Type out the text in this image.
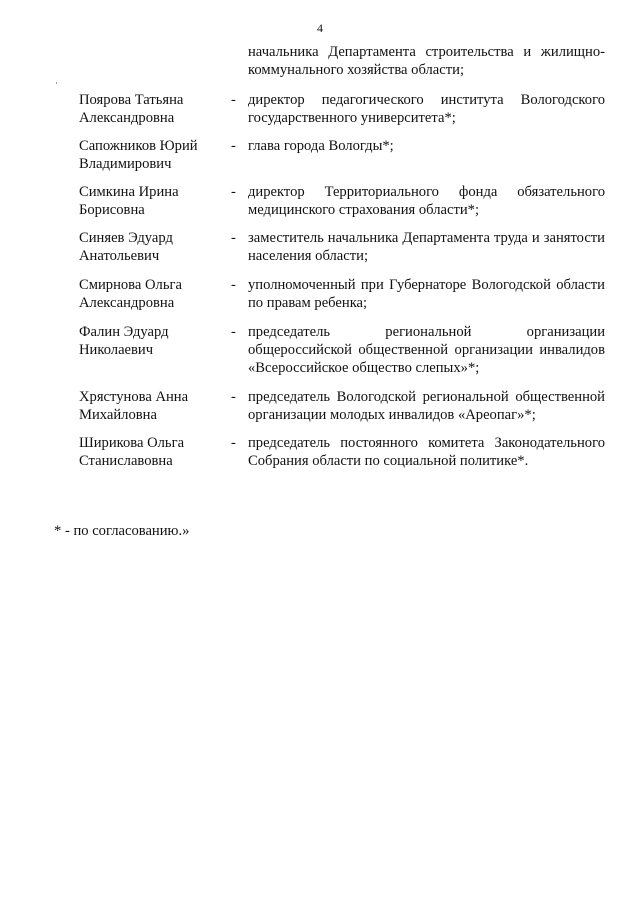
4
начальника Департамента строительства и жилищно-коммунального хозяйства области;
Поярова Татьяна Александровна
- директор педагогического института Вологодского государственного университета*;
Сапожников Юрий Владимирович
- глава города Вологды*;
Симкина Ирина Борисовна
- директор Территориального фонда обязательного медицинского страхования области*;
Синяев Эдуард Анатольевич
- заместитель начальника Департамента труда и занятости населения области;
Смирнова Ольга Александровна
- уполномоченный при Губернаторе Вологодской области по правам ребенка;
Фалин Эдуард Николаевич
- председатель региональной организации общероссийской общественной организации инвалидов «Всероссийское общество слепых»*;
Хрястунова Анна Михайловна
- председатель Вологодской региональной общественной организации молодых инвалидов «Ареопаг»*;
Ширикова Ольга Станиславовна
- председатель постоянного комитета Законодательного Собрания области по социальной политике*.
* - по согласованию.»
